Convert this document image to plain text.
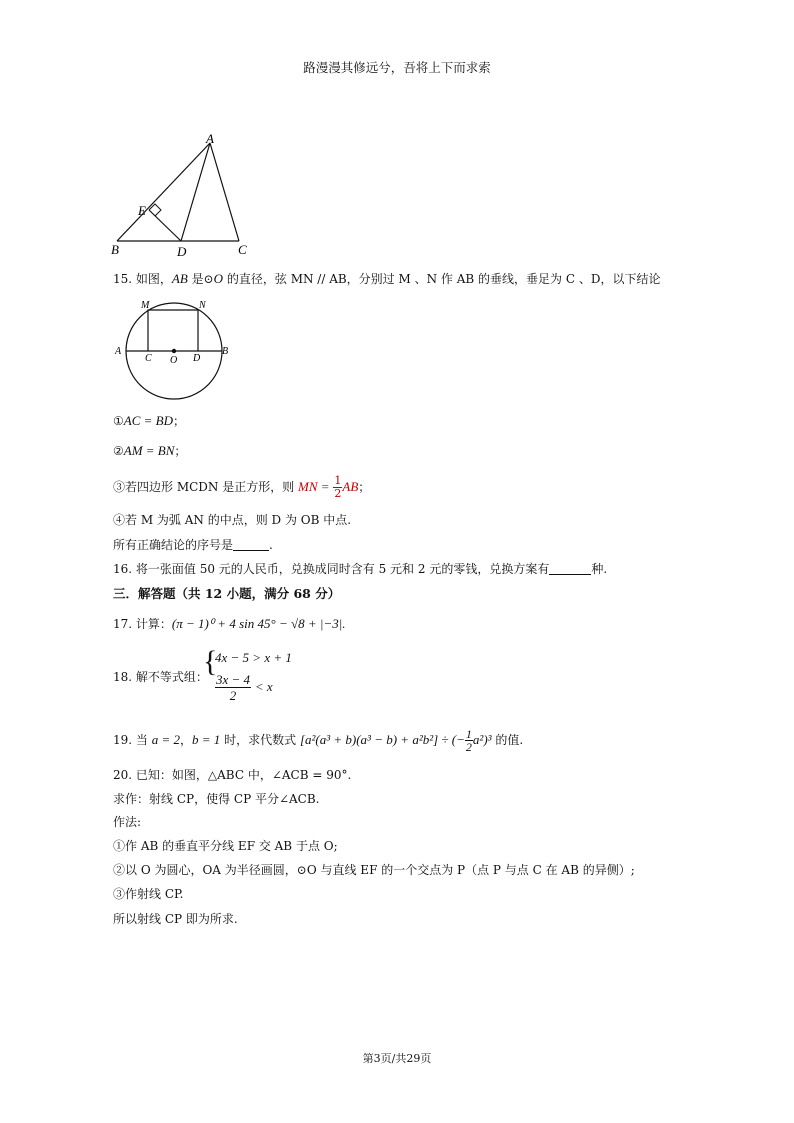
路漫漫其修远兮，吾将上下而求索
A
E
B	D	C
15. 如图，AB 是⊙O 的直径，弦 MN // AB，分别过 M 、N 作 AB 的垂线，垂足为 C 、D，以下结论
M	N
A
C O D
B
①AC = BD；
②AM = BN；
③若四边形 MCDN 是正方形，则 MN = $\frac{1}{2}$ AB；
④若 M 为弧 AN 的中点，则 D 为 OB 中点.
所有正确结论的序号是	.
16. 将一张面值 50 元的人民币，兑换成同时含有 5 元和 2 元的零钱，兑换方案有	种.
三．解答题（共 12 小题，满分 68 分）
17. 计算：(π − 1)⁰ + 4 sin 45° − √8 + |−3|.
18. 解不等式组：
{
4x − 5 > x + 1
$\frac{3x - 4}{2} < x$
19. 当 a = 2，b = 1 时，求代数式 [a²(a³ + b)(a³ − b) + a²b²] ÷ (− $\frac{1}{2} a^2)^3$ 的值.
20. 已知：如图，△ABC 中，∠ACB = 90°.
求作：射线 CP，使得 CP 平分∠ACB.
作法:
①作 AB 的垂直平分线 EF 交 AB 于点 O;
②以 O 为圆心，OA 为半径画圆，⊙O 与直线 EF 的一个交点为 P（点 P 与点 C 在 AB 的异侧）;
③作射线 CP.
所以射线 CP 即为所求.
第3页/共29页
